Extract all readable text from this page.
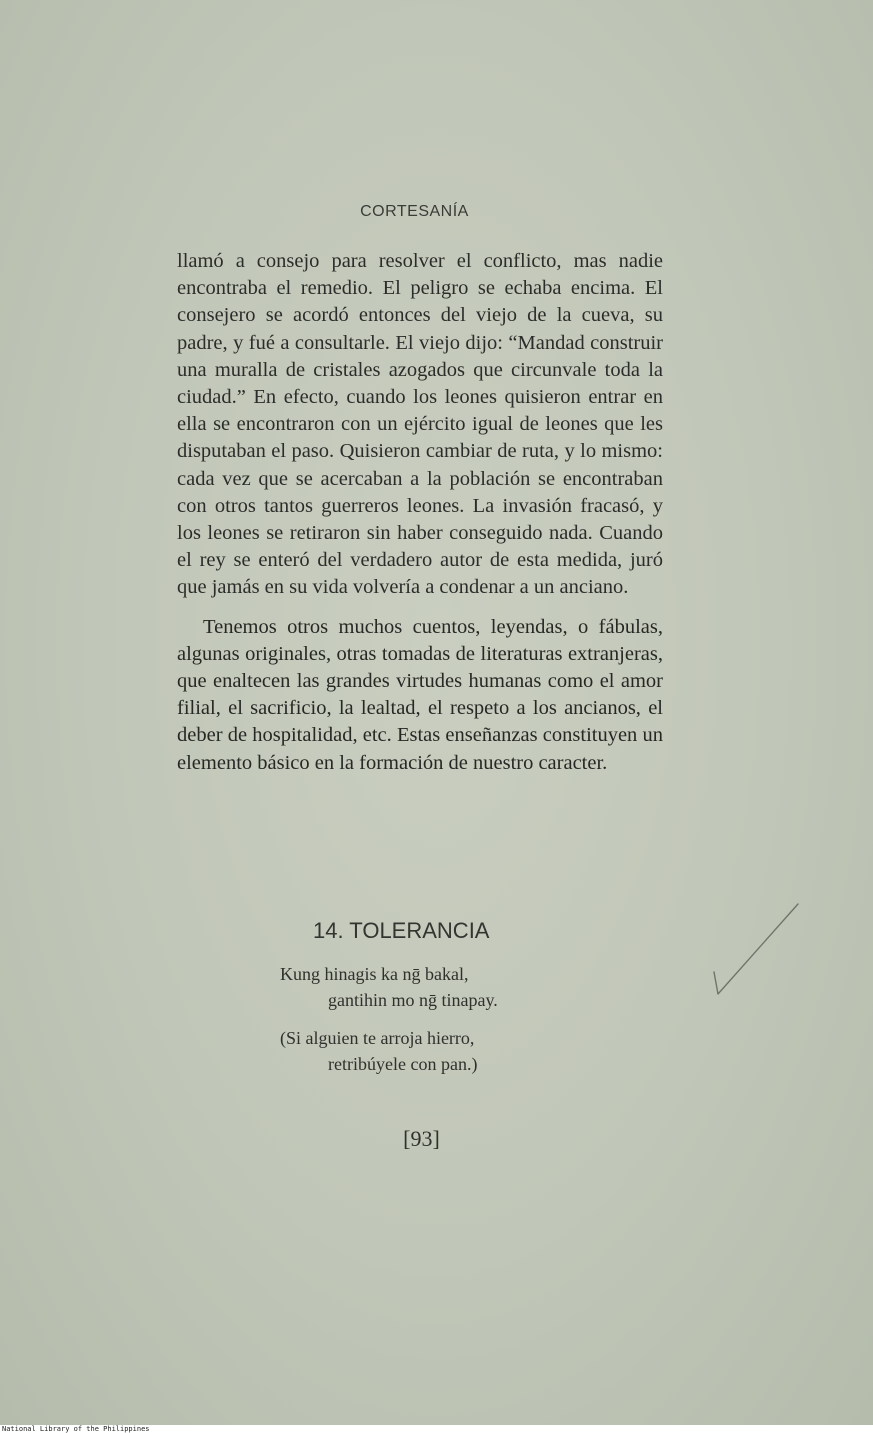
CORTESANÍA

llamó a consejo para resolver el conflicto, mas nadie encontraba el remedio. El peligro se echaba encima. El consejero se acordó entonces del viejo de la cueva, su padre, y fué a consultarle. El viejo dijo: “Mandad construir una muralla de cristales azogados que circunvale toda la ciudad.” En efecto, cuando los leones quisieron entrar en ella se encontraron con un ejército igual de leones que les disputaban el paso. Quisieron cambiar de ruta, y lo mismo: cada vez que se acercaban a la población se encontraban con otros tantos guerreros leones. La invasión fracasó, y los leones se retiraron sin haber conseguido nada. Cuando el rey se enteró del verdadero autor de esta medida, juró que jamás en su vida volvería a condenar a un anciano.

Tenemos otros muchos cuentos, leyendas, o fábulas, algunas originales, otras tomadas de literaturas extranjeras, que enaltecen las grandes virtudes humanas como el amor filial, el sacrificio, la lealtad, el respeto a los ancianos, el deber de hospitalidad, etc. Estas enseñanzas constituyen un elemento básico en la formación de nuestro caracter.

14. TOLERANCIA
Kung hinagis ka nḡ bakal,
gantihin mo nḡ tinapay.
(Si alguien te arroja hierro,
retribúyele con pan.)
[93]
National Library of the Philippines
